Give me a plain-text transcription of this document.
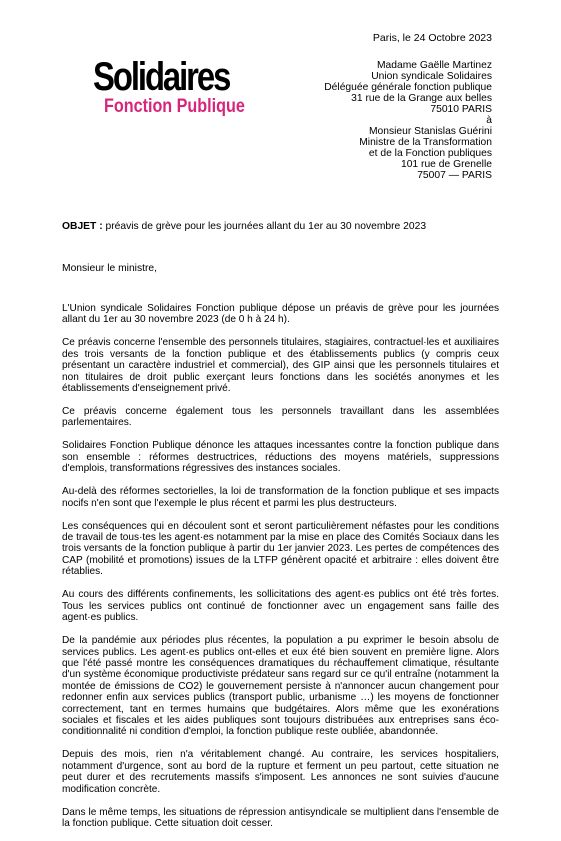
Paris, le 24 Octobre 2023
Solidaires
Fonction Publique
Madame Gaëlle Martinez
Union syndicale Solidaires
Déléguée générale fonction publique
31 rue de la Grange aux belles
75010 PARIS
à
Monsieur Stanislas Guérini
Ministre de la Transformation
et de la Fonction publiques
101 rue de Grenelle
75007 — PARIS
OBJET : préavis de grève pour les journées allant du 1er au 30 novembre 2023
Monsieur le ministre,

L'Union syndicale Solidaires Fonction publique dépose un préavis de grève pour les journées allant du 1er au 30 novembre 2023 (de 0 h à 24 h).

Ce préavis concerne l'ensemble des personnels titulaires, stagiaires, contractuel·les et auxiliaires des trois versants de la fonction publique et des établissements publics (y compris ceux présentant un caractère industriel et commercial), des GIP ainsi que les personnels titulaires et non titulaires de droit public exerçant leurs fonctions dans les sociétés anonymes et les établissements d'enseignement privé.

Ce préavis concerne également tous les personnels travaillant dans les assemblées parlementaires.

Solidaires Fonction Publique dénonce les attaques incessantes contre la fonction publique dans son ensemble : réformes destructrices, réductions des moyens matériels, suppressions d'emplois, transformations régressives des instances sociales.

Au-delà des réformes sectorielles, la loi de transformation de la fonction publique et ses impacts nocifs n'en sont que l'exemple le plus récent et parmi les plus destructeurs.

Les conséquences qui en découlent sont et seront particulièrement néfastes pour les conditions de travail de tous·tes les agent·es notamment par la mise en place des Comités Sociaux dans les trois versants de la fonction publique à partir du 1er janvier 2023. Les pertes de compétences des CAP (mobilité et promotions) issues de la LTFP génèrent opacité et arbitraire : elles doivent être rétablies.

Au cours des différents confinements, les sollicitations des agent·es publics ont été très fortes. Tous les services publics ont continué de fonctionner avec un engagement sans faille des agent·es publics.

De la pandémie aux périodes plus récentes, la population a pu exprimer le besoin absolu de services publics. Les agent·es publics ont-elles et eux été bien souvent en première ligne. Alors que l'été passé montre les conséquences dramatiques du réchauffement climatique, résultante d'un système économique productiviste prédateur sans regard sur ce qu'il entraîne (notamment la montée de émissions de CO2) le gouvernement persiste à n'annoncer aucun changement pour redonner enfin aux services publics (transport public, urbanisme …) les moyens de fonctionner correctement, tant en termes humains que budgétaires. Alors même que les exonérations sociales et fiscales et les aides publiques sont toujours distribuées aux entreprises sans éco-conditionnalité ni condition d'emploi, la fonction publique reste oubliée, abandonnée.

Depuis des mois, rien n'a véritablement changé. Au contraire, les services hospitaliers, notamment d'urgence, sont au bord de la rupture et ferment un peu partout, cette situation ne peut durer et des recrutements massifs s'imposent. Les annonces ne sont suivies d'aucune modification concrète.

Dans le même temps, les situations de répression antisyndicale se multiplient dans l'ensemble de la fonction publique. Cette situation doit cesser.
